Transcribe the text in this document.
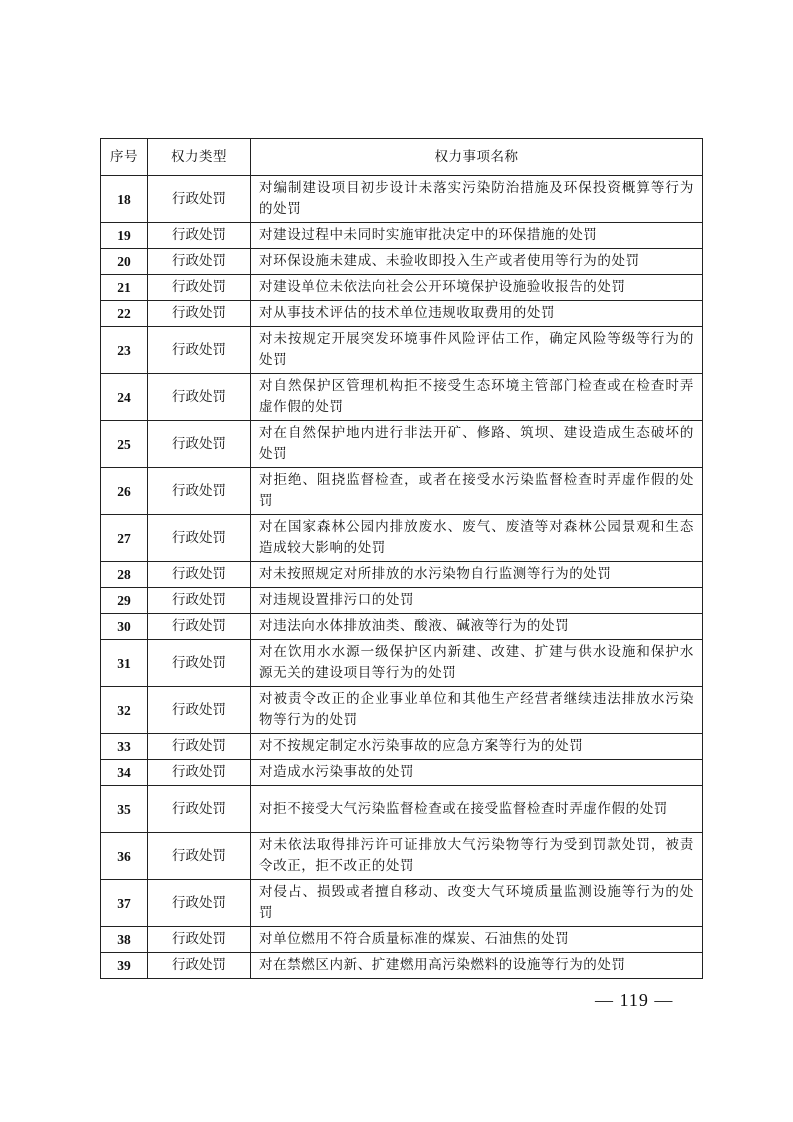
序号	权力类型	权力事项名称
18	行政处罚	对编制建设项目初步设计未落实污染防治措施及环保投资概算等行为的处罚
19	行政处罚	对建设过程中未同时实施审批决定中的环保措施的处罚
20	行政处罚	对环保设施未建成、未验收即投入生产或者使用等行为的处罚
21	行政处罚	对建设单位未依法向社会公开环境保护设施验收报告的处罚
22	行政处罚	对从事技术评估的技术单位违规收取费用的处罚
23	行政处罚	对未按规定开展突发环境事件风险评估工作，确定风险等级等行为的处罚
24	行政处罚	对自然保护区管理机构拒不接受生态环境主管部门检查或在检查时弄虚作假的处罚
25	行政处罚	对在自然保护地内进行非法开矿、修路、筑坝、建设造成生态破坏的处罚
26	行政处罚	对拒绝、阻挠监督检查，或者在接受水污染监督检查时弄虚作假的处罚
27	行政处罚	对在国家森林公园内排放废水、废气、废渣等对森林公园景观和生态造成较大影响的处罚
28	行政处罚	对未按照规定对所排放的水污染物自行监测等行为的处罚
29	行政处罚	对违规设置排污口的处罚
30	行政处罚	对违法向水体排放油类、酸液、碱液等行为的处罚
31	行政处罚	对在饮用水水源一级保护区内新建、改建、扩建与供水设施和保护水源无关的建设项目等行为的处罚
32	行政处罚	对被责令改正的企业事业单位和其他生产经营者继续违法排放水污染物等行为的处罚
33	行政处罚	对不按规定制定水污染事故的应急方案等行为的处罚
34	行政处罚	对造成水污染事故的处罚
35	行政处罚	对拒不接受大气污染监督检查或在接受监督检查时弄虚作假的处罚
36	行政处罚	对未依法取得排污许可证排放大气污染物等行为受到罚款处罚，被责令改正，拒不改正的处罚
37	行政处罚	对侵占、损毁或者擅自移动、改变大气环境质量监测设施等行为的处罚
38	行政处罚	对单位燃用不符合质量标准的煤炭、石油焦的处罚
39	行政处罚	对在禁燃区内新、扩建燃用高污染燃料的设施等行为的处罚
— 119 —
